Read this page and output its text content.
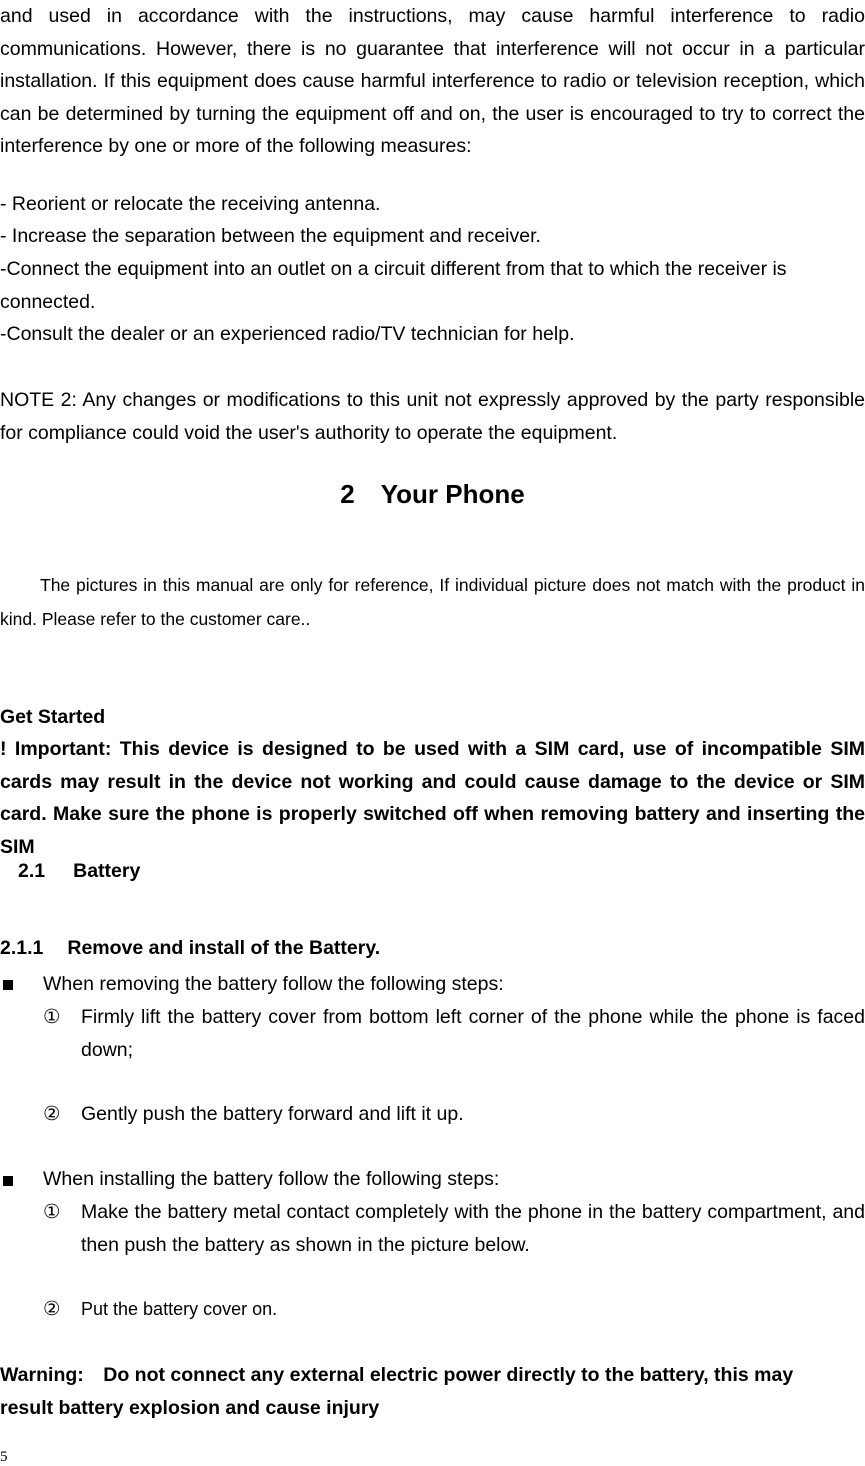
and used in accordance with the instructions, may cause harmful interference to radio communications. However, there is no guarantee that interference will not occur in a particular installation. If this equipment does cause harmful interference to radio or television reception, which can be determined by turning the equipment off and on, the user is encouraged to try to correct the interference by one or more of the following measures:

- Reorient or relocate the receiving antenna.

- Increase the separation between the equipment and receiver.

-Connect the equipment into an outlet on a circuit different from that to which the receiver is connected.

-Consult the dealer or an experienced radio/TV technician for help.

NOTE 2: Any changes or modifications to this unit not expressly approved by the party responsible for compliance could void the user's authority to operate the equipment.

2 Your Phone

The pictures in this manual are only for reference, If individual picture does not match with the product in kind. Please refer to the customer care..

Get Started

! Important: This device is designed to be used with a SIM card, use of incompatible SIM cards may result in the device not working and could cause damage to the device or SIM card. Make sure the phone is properly switched off when removing battery and inserting the SIM

2.1 Battery
2.1.1 Remove and install of the Battery.
When removing the battery follow the following steps:
① Firmly lift the battery cover from bottom left corner of the phone while the phone is faced down;

② Gently push the battery forward and lift it up.

When installing the battery follow the following steps:
① Make the battery metal contact completely with the phone in the battery compartment, and then push the battery as shown in the picture below.

② Put the battery cover on.

Warning: Do not connect any external electric power directly to the battery, this may result battery explosion and cause injury

5
